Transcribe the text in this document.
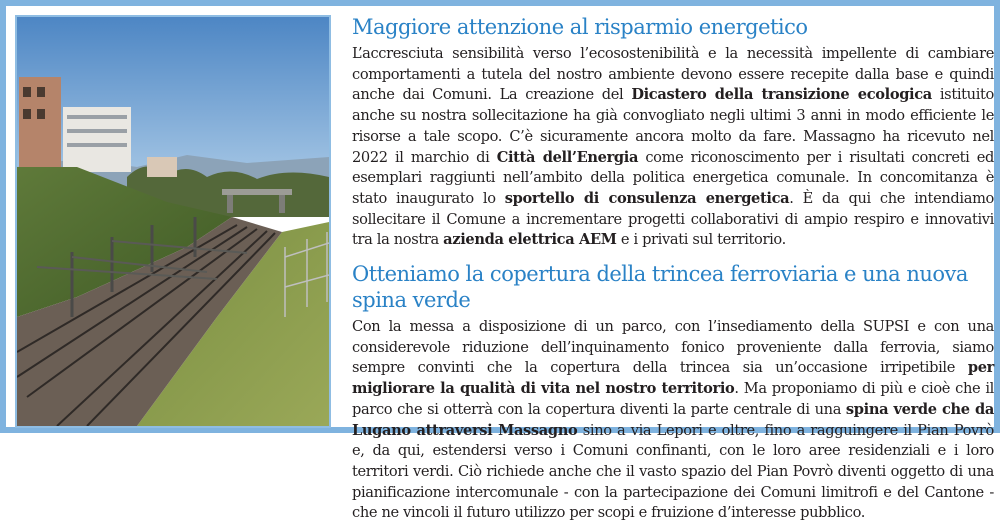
Maggiore attenzione al risparmio energetico

L’accresciuta sensibilità verso l’ecosostenibilità e la necessità impellente di cambiare comportamenti a tutela del nostro ambiente devono essere recepite dalla base e quindi anche dai Comuni. La creazione del Dicastero della transizione ecologica istituito anche su nostra sollecitazione ha già convogliato negli ultimi 3 anni in modo efficiente le risorse a tale scopo. C’è sicuramente ancora molto da fare. Massagno ha ricevuto nel 2022 il marchio di Città dell’Energia come riconoscimento per i risultati concreti ed esemplari raggiunti nell’ambito della politica energetica comunale. In concomitanza è stato inaugurato lo sportello di consulenza energetica. È da qui che intendiamo sollecitare il Comune a incrementare progetti collaborativi di ampio respiro e innovativi tra la nostra azienda elettrica AEM e i privati sul territorio.

Otteniamo la copertura della trincea ferroviaria e una nuova spina verde

Con la messa a disposizione di un parco, con l’insediamento della SUPSI e con una considerevole riduzione dell’inquinamento fonico proveniente dalla ferrovia, siamo sempre convinti che la copertura della trincea sia un’occasione irripetibile per migliorare la qualità di vita nel nostro territorio. Ma proponiamo di più e cioè che il parco che si otterrà con la copertura diventi la parte centrale di una spina verde che da Lugano attraversi Massagno sino a via Lepori e oltre, fino a ragguingere il Pian Povrò e, da qui, estendersi verso i Comuni confinanti, con le loro aree residenziali e i loro territori verdi. Ciò richiede anche che il vasto spazio del Pian Povrò diventi oggetto di una pianificazione intercomunale - con la partecipazione dei Comuni limitrofi e del Cantone - che ne vincoli il futuro utilizzo per scopi e fruizione d’interesse pubblico.
